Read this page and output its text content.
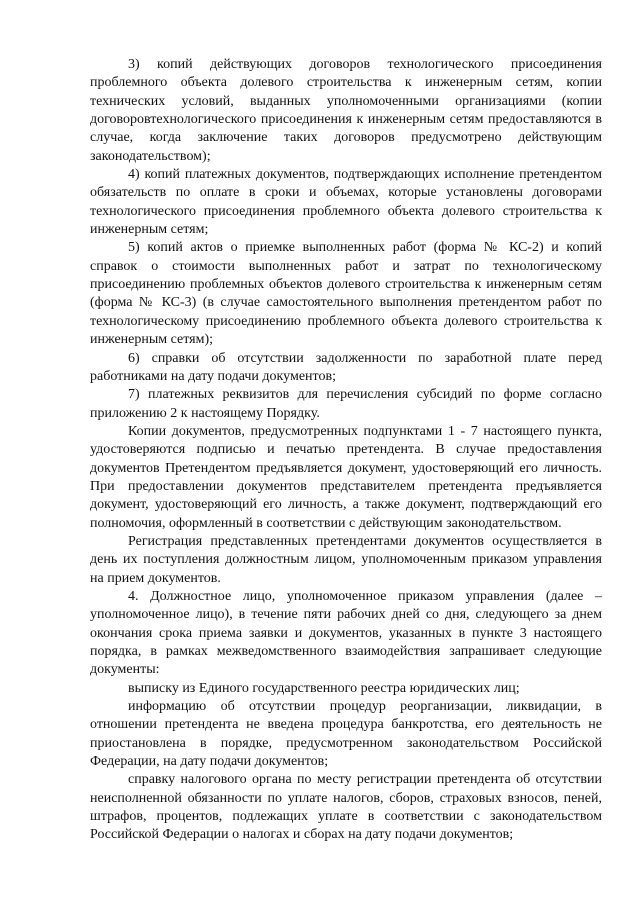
3) копий действующих договоров технологического присоединения проблемного объекта долевого строительства к инженерным сетям, копии технических условий, выданных уполномоченными организациями (копии договоровтехнологического присоединения к инженерным сетям предоставляются в случае, когда заключение таких договоров предусмотрено действующим законодательством);

4) копий платежных документов, подтверждающих исполнение претендентом обязательств по оплате в сроки и объемах, которые установлены договорами технологического присоединения проблемного объекта долевого строительства к инженерным сетям;

5) копий актов о приемке выполненных работ (форма № КС-2) и копий справок о стоимости выполненных работ и затрат по технологическому присоединению проблемных объектов долевого строительства к инженерным сетям (форма № КС-3) (в случае самостоятельного выполнения претендентом работ по технологическому присоединению проблемного объекта долевого строительства к инженерным сетям);

6) справки об отсутствии задолженности по заработной плате перед работниками на дату подачи документов;

7) платежных реквизитов для перечисления субсидий по форме согласно приложению 2 к настоящему Порядку.

Копии документов, предусмотренных подпунктами 1 - 7 настоящего пункта, удостоверяются подписью и печатью претендента. В случае предоставления документов Претендентом предъявляется документ, удостоверяющий его личность. При предоставлении документов представителем претендента предъявляется документ, удостоверяющий его личность, а также документ, подтверждающий его полномочия, оформленный в соответствии с действующим законодательством.

Регистрация представленных претендентами документов осуществляется в день их поступления должностным лицом, уполномоченным приказом управления на прием документов.

4. Должностное лицо, уполномоченное приказом управления (далее – уполномоченное лицо), в течение пяти рабочих дней со дня, следующего за днем окончания срока приема заявки и документов, указанных в пункте 3 настоящего порядка, в рамках межведомственного взаимодействия запрашивает следующие документы:

выписку из Единого государственного реестра юридических лиц;

информацию об отсутствии процедур реорганизации, ликвидации, в отношении претендента не введена процедура банкротства, его деятельность не приостановлена в порядке, предусмотренном законодательством Российской Федерации, на дату подачи документов;

справку налогового органа по месту регистрации претендента об отсутствии неисполненной обязанности по уплате налогов, сборов, страховых взносов, пеней, штрафов, процентов, подлежащих уплате в соответствии с законодательством Российской Федерации о налогах и сборах на дату подачи документов;
